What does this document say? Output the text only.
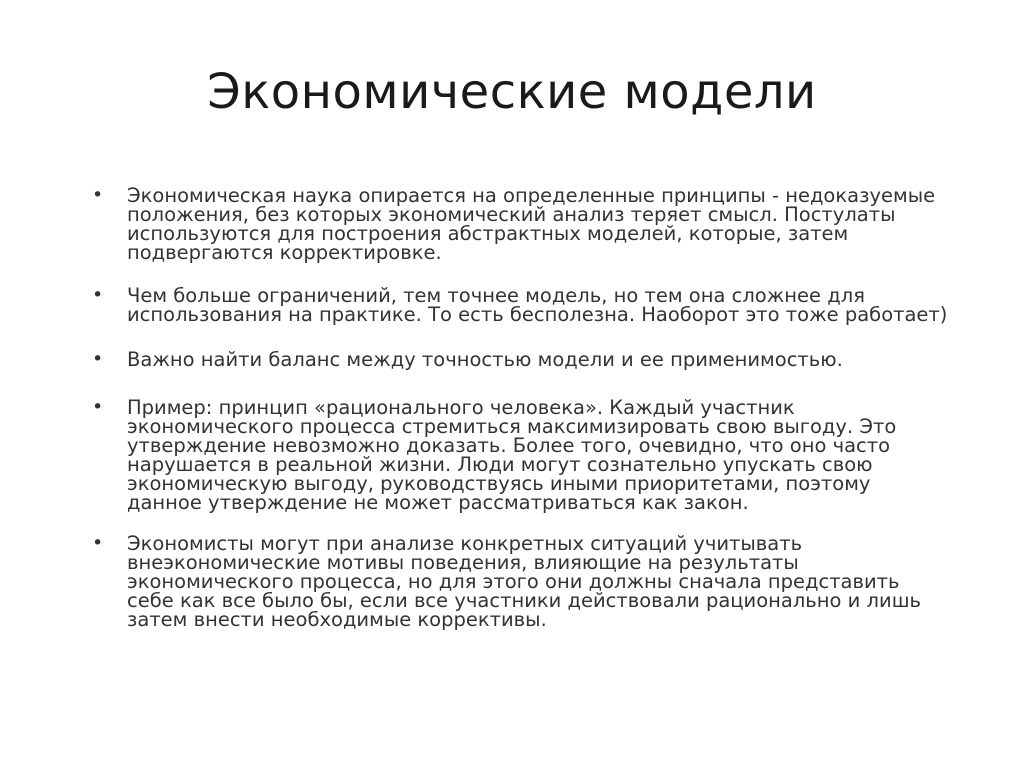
Экономические модели
• Экономическая наука опирается на определенные принципы - недоказуемые
положения, без которых экономический анализ теряет смысл. Постулаты
используются для построения абстрактных моделей, которые, затем
подвергаются корректировке.
• Чем больше ограничений, тем точнее модель, но тем она сложнее для
использования на практике. То есть бесполезна. Наоборот это тоже работает)
• Важно найти баланс между точностью модели и ее применимостью.
• Пример: принцип «рационального человека». Каждый участник
экономического процесса стремиться максимизировать свою выгоду. Это
утверждение невозможно доказать. Более того, очевидно, что оно часто
нарушается в реальной жизни. Люди могут сознательно упускать свою
экономическую выгоду, руководствуясь иными приоритетами, поэтому
данное утверждение не может рассматриваться как закон.
• Экономисты могут при анализе конкретных ситуаций учитывать
внеэкономические мотивы поведения, влияющие на результаты
экономического процесса, но для этого они должны сначала представить
себе как все было бы, если все участники действовали рационально и лишь
затем внести необходимые коррективы.
